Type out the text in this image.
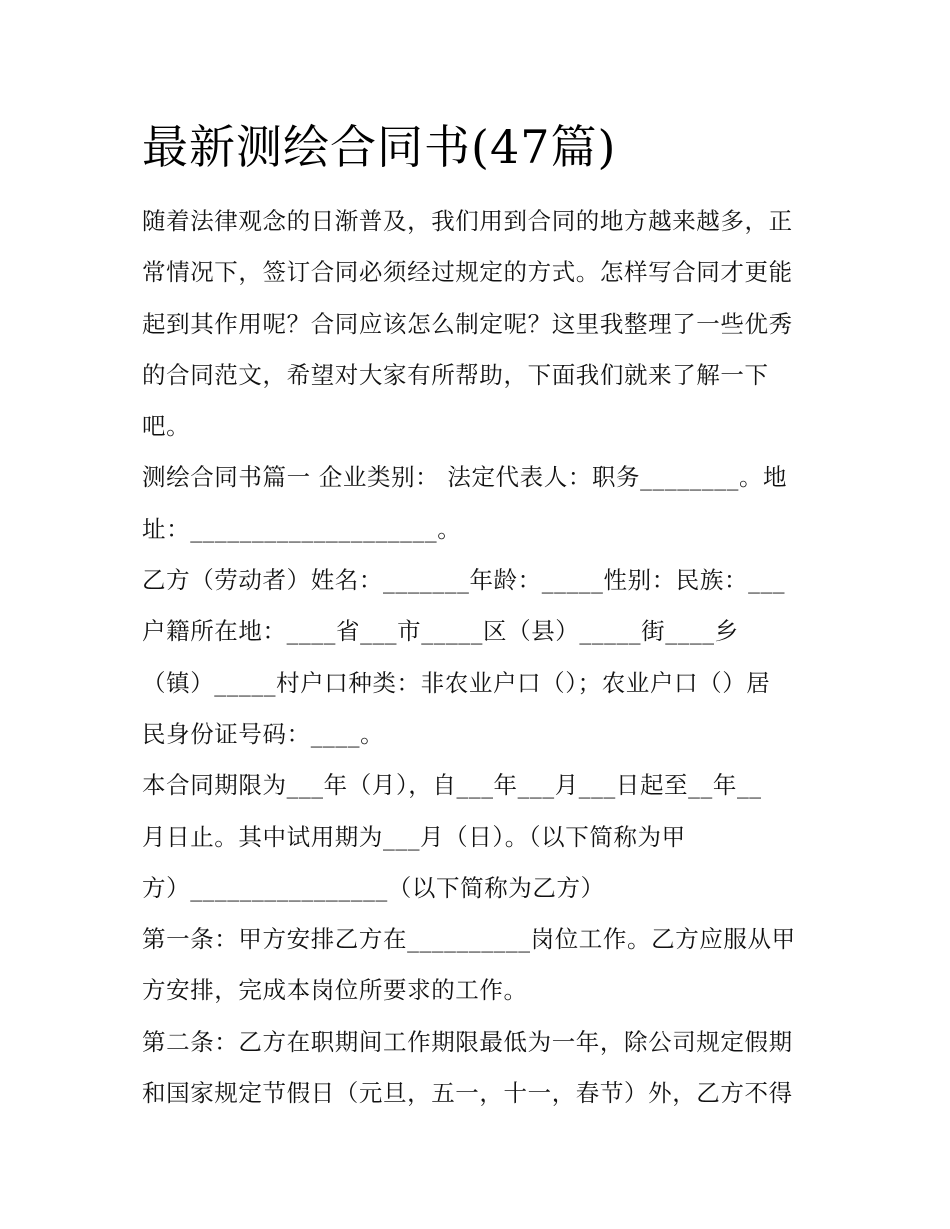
最新测绘合同书(47篇)
随着法律观念的日渐普及，我们用到合同的地方越来越多，正
常情况下，签订合同必须经过规定的方式。怎样写合同才更能
起到其作用呢？合同应该怎么制定呢？这里我整理了一些优秀
的合同范文，希望对大家有所帮助，下面我们就来了解一下
吧。
测绘合同书篇一 企业类别： 法定代表人：职务________。地
址：____________________。
乙方（劳动者）姓名：_______年龄：_____性别：民族：___
户籍所在地：____省___市_____区（县）_____街____乡
（镇）_____村户口种类：非农业户口（）；农业户口（）居
民身份证号码：____。
本合同期限为___年（月），自___年___月___日起至__年__
月日止。其中试用期为___月（日）。（以下简称为甲
方）________________（以下简称为乙方）
第一条：甲方安排乙方在__________岗位工作。乙方应服从甲
方安排，完成本岗位所要求的工作。
第二条：乙方在职期间工作期限最低为一年，除公司规定假期
和国家规定节假日（元旦，五一，十一，春节）外，乙方不得
